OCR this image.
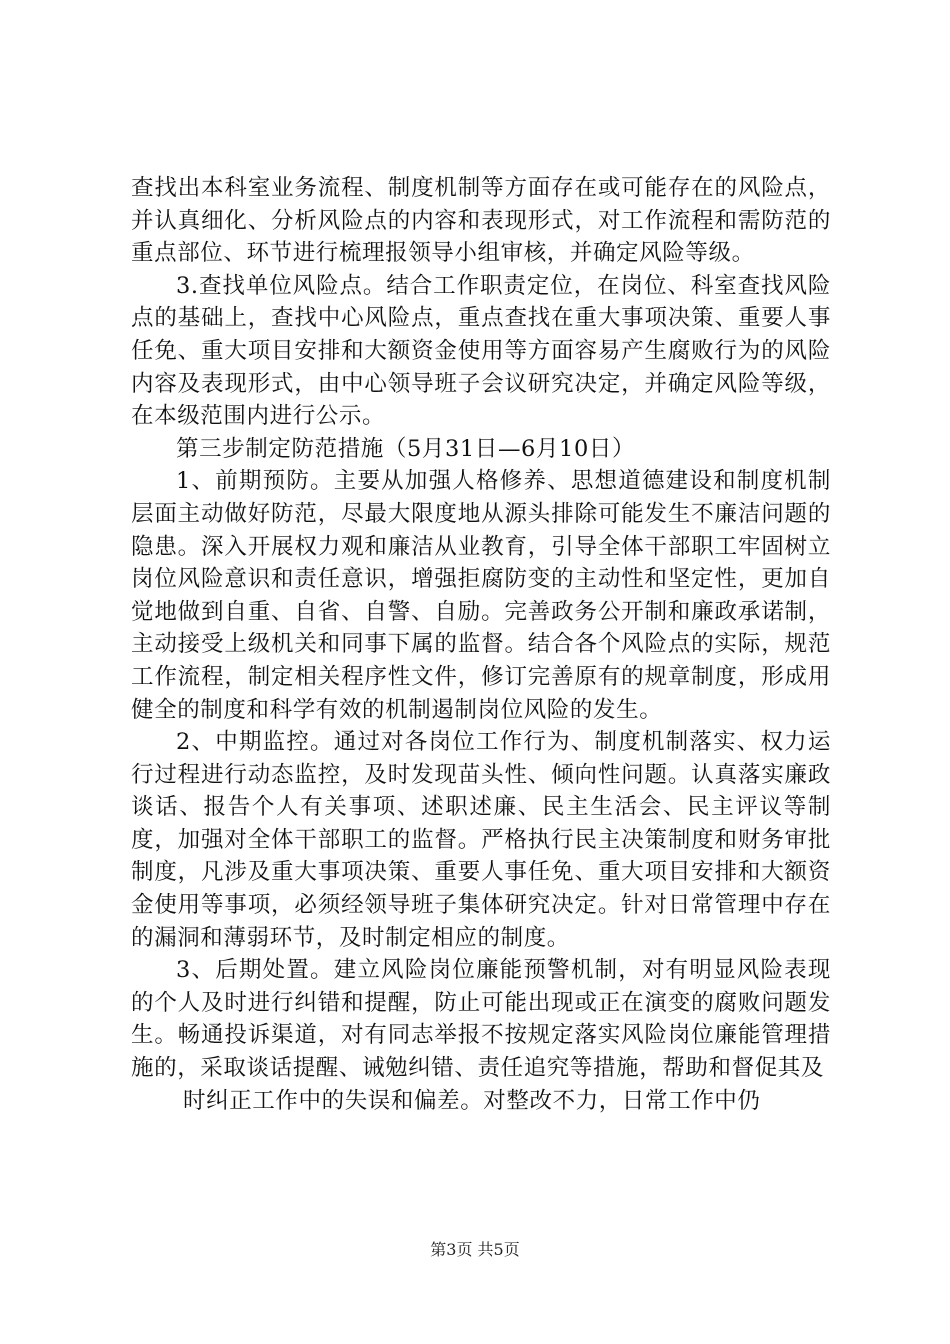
查找出本科室业务流程、制度机制等方面存在或可能存在的风险点，并认真细化、分析风险点的内容和表现形式，对工作流程和需防范的重点部位、环节进行梳理报领导小组审核，并确定风险等级。

3.查找单位风险点。结合工作职责定位，在岗位、科室查找风险点的基础上，查找中心风险点，重点查找在重大事项决策、重要人事任免、重大项目安排和大额资金使用等方面容易产生腐败行为的风险内容及表现形式，由中心领导班子会议研究决定，并确定风险等级，在本级范围内进行公示。

第三步制定防范措施（5月31日—6月10日）

1、前期预防。主要从加强人格修养、思想道德建设和制度机制层面主动做好防范，尽最大限度地从源头排除可能发生不廉洁问题的隐患。深入开展权力观和廉洁从业教育，引导全体干部职工牢固树立岗位风险意识和责任意识，增强拒腐防变的主动性和坚定性，更加自觉地做到自重、自省、自警、自励。完善政务公开制和廉政承诺制，主动接受上级机关和同事下属的监督。结合各个风险点的实际，规范工作流程，制定相关程序性文件，修订完善原有的规章制度，形成用健全的制度和科学有效的机制遏制岗位风险的发生。

2、中期监控。通过对各岗位工作行为、制度机制落实、权力运行过程进行动态监控，及时发现苗头性、倾向性问题。认真落实廉政谈话、报告个人有关事项、述职述廉、民主生活会、民主评议等制度，加强对全体干部职工的监督。严格执行民主决策制度和财务审批制度，凡涉及重大事项决策、重要人事任免、重大项目安排和大额资金使用等事项，必须经领导班子集体研究决定。针对日常管理中存在的漏洞和薄弱环节，及时制定相应的制度。

3、后期处置。建立风险岗位廉能预警机制，对有明显风险表现的个人及时进行纠错和提醒，防止可能出现或正在演变的腐败问题发生。畅通投诉渠道，对有同志举报不按规定落实风险岗位廉能管理措施的，采取谈话提醒、诫勉纠错、责任追究等措施，帮助和督促其及

时纠正工作中的失误和偏差。对整改不力，日常工作中仍

第3页 共5页
